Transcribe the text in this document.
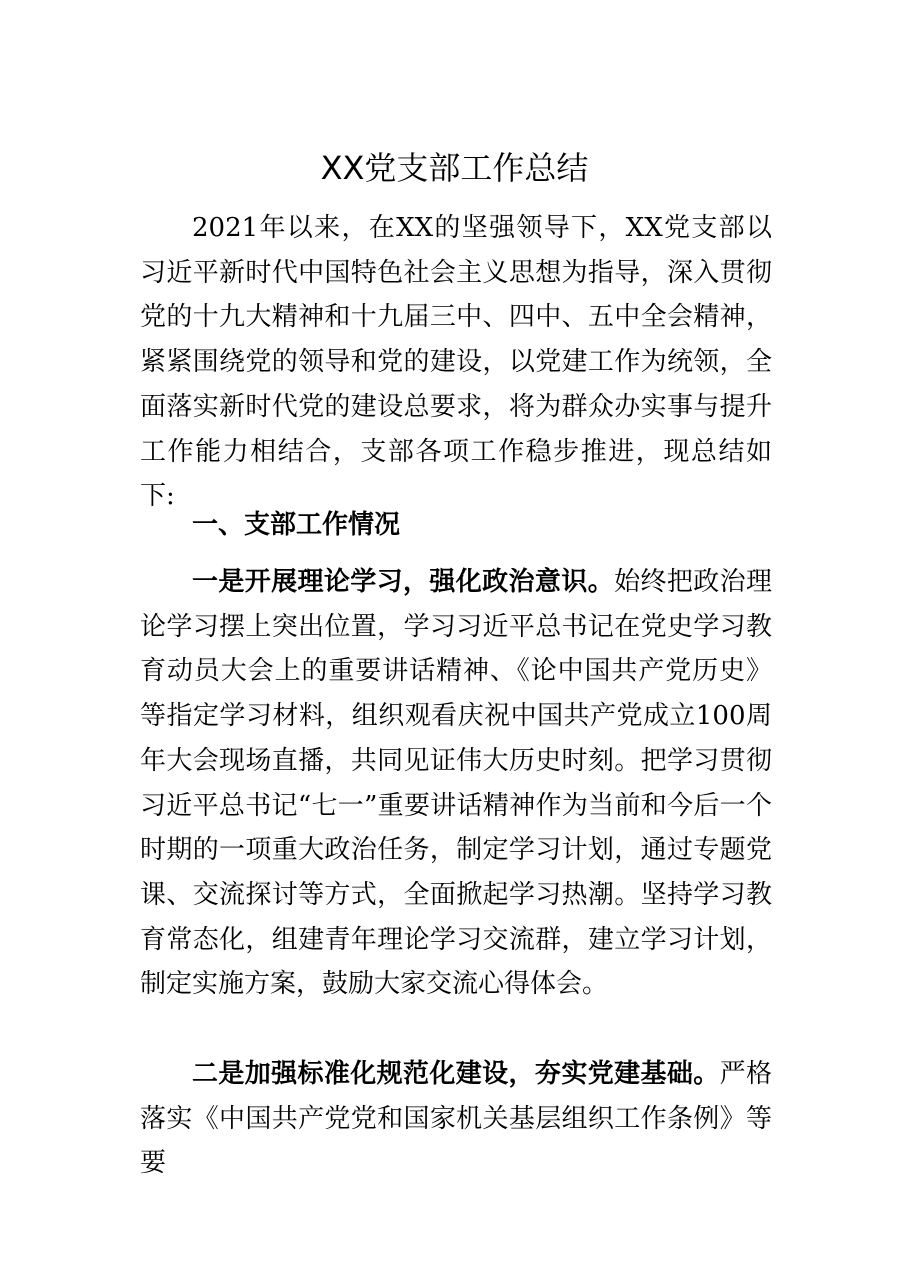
XX党支部工作总结

2021年以来，在XX的坚强领导下，XX党支部以习近平新时代中国特色社会主义思想为指导，深入贯彻党的十九大精神和十九届三中、四中、五中全会精神，紧紧围绕党的领导和党的建设，以党建工作为统领，全面落实新时代党的建设总要求，将为群众办实事与提升工作能力相结合，支部各项工作稳步推进，现总结如下:

一、支部工作情况

一是开展理论学习，强化政治意识。始终把政治理论学习摆上突出位置，学习习近平总书记在党史学习教育动员大会上的重要讲话精神、《论中国共产党历史》等指定学习材料，组织观看庆祝中国共产党成立100周年大会现场直播，共同见证伟大历史时刻。把学习贯彻习近平总书记“七一”重要讲话精神作为当前和今后一个时期的一项重大政治任务，制定学习计划，通过专题党课、交流探讨等方式，全面掀起学习热潮。坚持学习教育常态化，组建青年理论学习交流群，建立学习计划，制定实施方案，鼓励大家交流心得体会。

二是加强标准化规范化建设，夯实党建基础。严格落实《中国共产党党和国家机关基层组织工作条例》等要
